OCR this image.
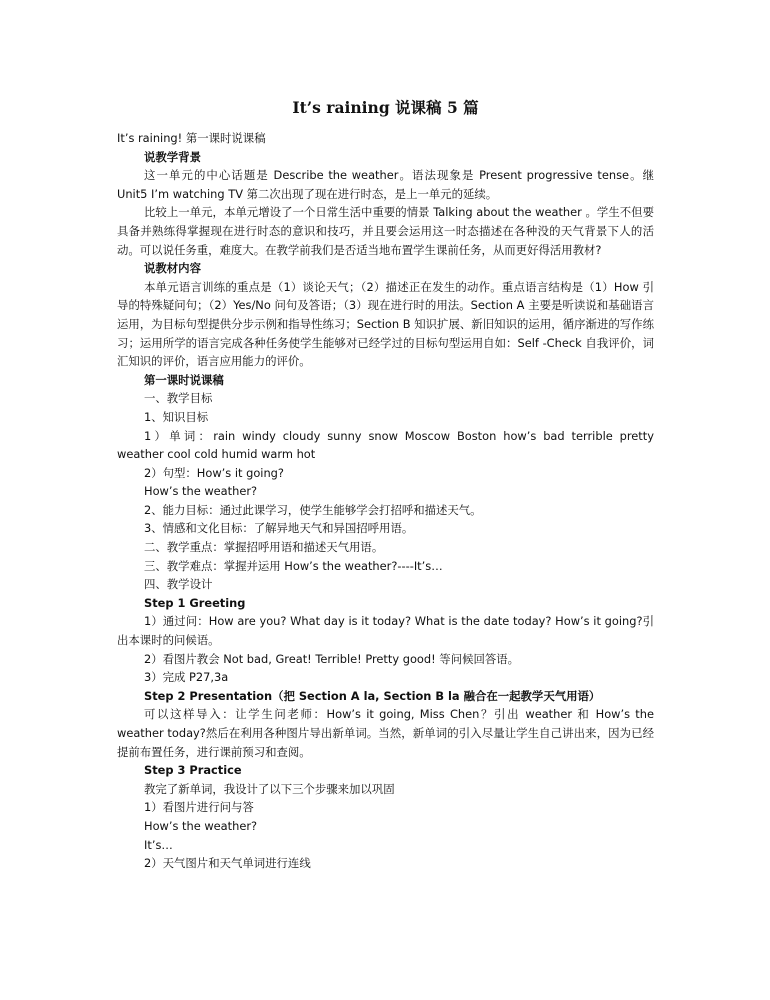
It’s raining 说课稿 5 篇

It’s raining! 第一课时说课稿

说教学背景

这一单元的中心话题是 Describe the weather。语法现象是 Present progressive tense。继 Unit5 I’m watching TV 第二次出现了现在进行时态，是上一单元的延续。

比较上一单元，本单元增设了一个日常生活中重要的情景 Talking about the weather 。学生不但要具备并熟练得掌握现在进行时态的意识和技巧，并且要会运用这一时态描述在各种没的天气背景下人的活动。可以说任务重，难度大。在教学前我们是否适当地布置学生课前任务，从而更好得活用教材?

说教材内容

本单元语言训练的重点是（1）谈论天气；（2）描述正在发生的动作。重点语言结构是（1）How 引导的特殊疑问句；（2）Yes/No 问句及答语；（3）现在进行时的用法。Section A 主要是听读说和基础语言运用，为目标句型提供分步示例和指导性练习；Section B 知识扩展、新旧知识的运用，循序渐进的写作练习；运用所学的语言完成各种任务使学生能够对已经学过的目标句型运用自如：Self -Check 自我评价，词汇知识的评价，语言应用能力的评价。

第一课时说课稿

一、教学目标

1、知识目标

1）单词：rain windy cloudy sunny snow Moscow Boston how’s bad terrible pretty weather cool cold humid warm hot

2）句型：How’s it going?

How’s the weather?

2、能力目标：通过此课学习，使学生能够学会打招呼和描述天气。

3、情感和文化目标：了解异地天气和异国招呼用语。

二、教学重点：掌握招呼用语和描述天气用语。

三、教学难点：掌握并运用 How’s the weather?----It’s…

四、教学设计

Step 1 Greeting

1）通过问：How are you? What day is it today? What is the date today? How’s it going?引出本课时的问候语。

2）看图片教会 Not bad, Great! Terrible! Pretty good! 等问候回答语。

3）完成 P27,3a

Step 2 Presentation（把 Section A la, Section B la 融合在一起教学天气用语）

可以这样导入：让学生问老师：How’s it going, Miss Chen？引出 weather 和 How’s the weather today?然后在利用各种图片导出新单词。当然，新单词的引入尽量让学生自己讲出来，因为已经提前布置任务，进行课前预习和查阅。

Step 3 Practice

教完了新单词，我设计了以下三个步骤来加以巩固

1）看图片进行问与答

How’s the weather?

It’s…

2）天气图片和天气单词进行连线
